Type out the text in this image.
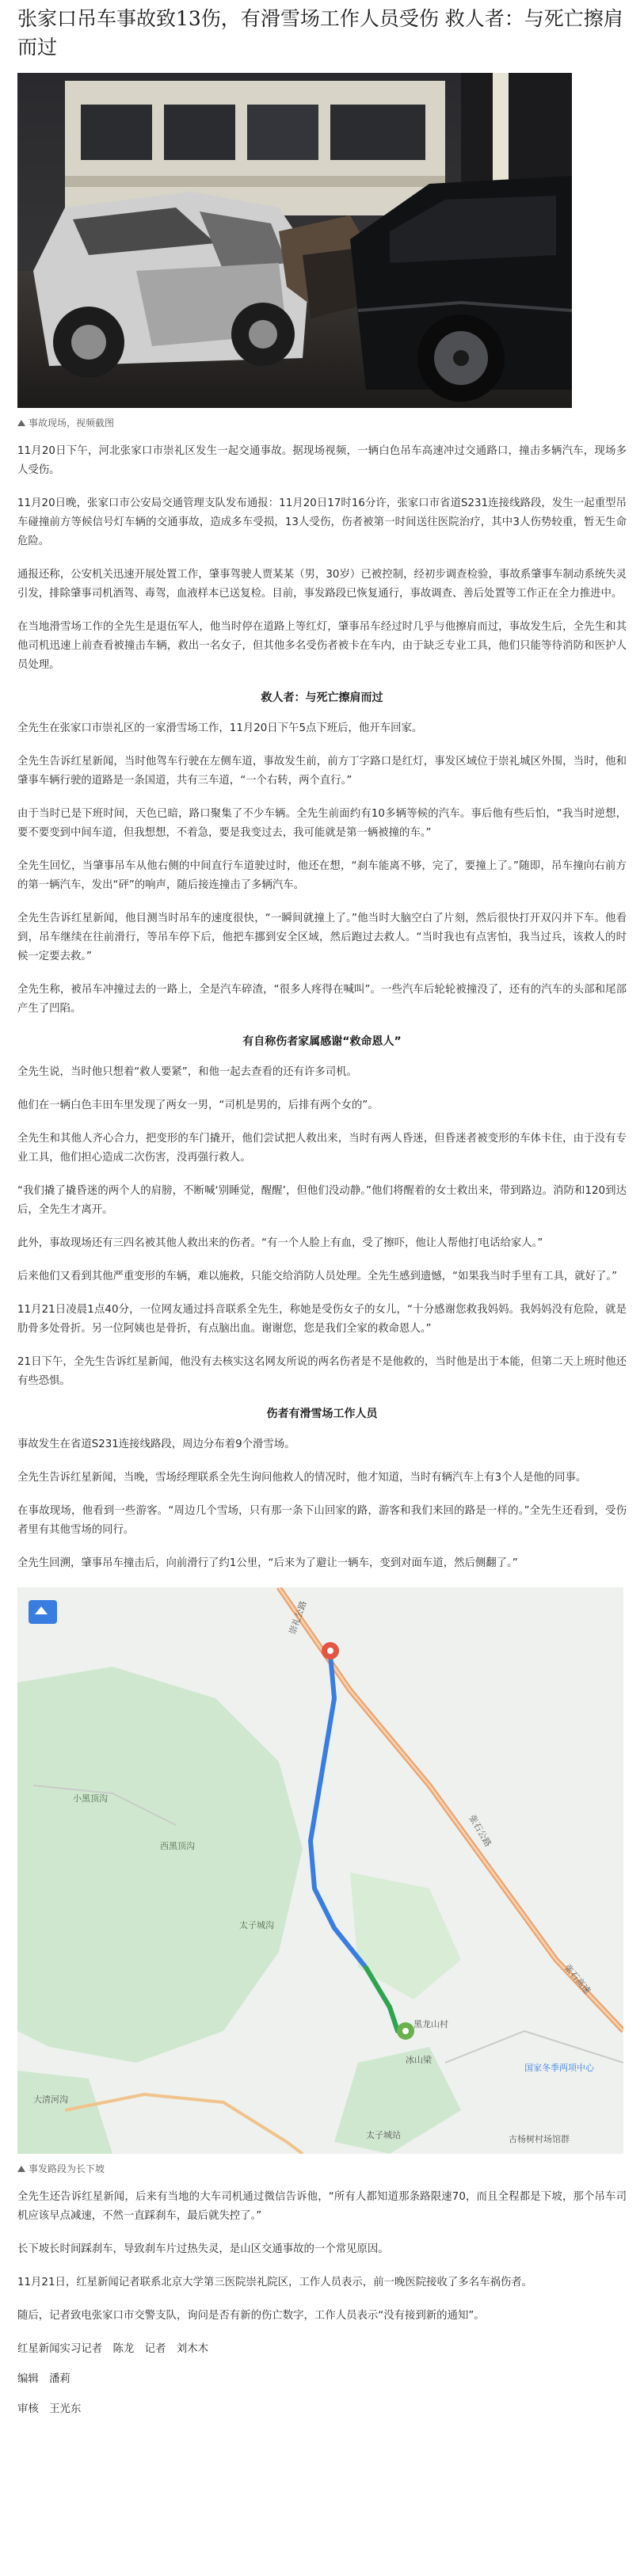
张家口吊车事故致13伤，有滑雪场工作人员受伤 救人者：与死亡擦肩而过
事故现场，视频截图

11月20日下午，河北张家口市崇礼区发生一起交通事故。据现场视频，一辆白色吊车高速冲过交通路口，撞击多辆汽车，现场多人受伤。

11月20日晚，张家口市公安局交通管理支队发布通报：11月20日17时16分许，张家口市省道S231连接线路段，发生一起重型吊车碰撞前方等候信号灯车辆的交通事故，造成多车受损，13人受伤，伤者被第一时间送往医院治疗，其中3人伤势较重，暂无生命危险。

通报还称，公安机关迅速开展处置工作，肇事驾驶人贾某某（男，30岁）已被控制，经初步调查检验，事故系肇事车制动系统失灵引发，排除肇事司机酒驾、毒驾，血液样本已送复检。目前，事发路段已恢复通行，事故调查、善后处置等工作正在全力推进中。

在当地滑雪场工作的全先生是退伍军人，他当时停在道路上等红灯，肇事吊车经过时几乎与他擦肩而过，事故发生后，全先生和其他司机迅速上前查看被撞击车辆，救出一名女子，但其他多名受伤者被卡在车内，由于缺乏专业工具，他们只能等待消防和医护人员处理。

救人者：与死亡擦肩而过

全先生在张家口市崇礼区的一家滑雪场工作，11月20日下午5点下班后，他开车回家。

全先生告诉红星新闻，当时他驾车行驶在左侧车道，事故发生前，前方丁字路口是红灯，事发区域位于崇礼城区外围，当时，他和肇事车辆行驶的道路是一条国道，共有三车道，“一个右转，两个直行。”

由于当时已是下班时间，天色已暗，路口聚集了不少车辆。全先生前面约有10多辆等候的汽车。事后他有些后怕，“我当时逆想，要不要变到中间车道，但我想想，不着急，要是我变过去，我可能就是第一辆被撞的车。”

全先生回忆，当肇事吊车从他右侧的中间直行车道驶过时，他还在想，“刹车能离不够，完了，要撞上了。”随即，吊车撞向右前方的第一辆汽车，发出“砰”的响声，随后接连撞击了多辆汽车。

全先生告诉红星新闻，他目测当时吊车的速度很快，“一瞬间就撞上了。”他当时大脑空白了片刻，然后很快打开双闪并下车。他看到，吊车继续在往前滑行，等吊车停下后，他把车挪到安全区域，然后跑过去救人。“当时我也有点害怕，我当过兵，该救人的时候一定要去救。”

全先生称，被吊车冲撞过去的一路上，全是汽车碎渣，“很多人疼得在喊叫”。一些汽车后轮轮被撞没了，还有的汽车的头部和尾部产生了凹陷。

有自称伤者家属感谢“救命恩人”

全先生说，当时他只想着“救人要紧”，和他一起去查看的还有许多司机。

他们在一辆白色丰田车里发现了两女一男，“司机是男的，后排有两个女的”。

全先生和其他人齐心合力，把变形的车门撬开，他们尝试把人救出来，当时有两人昏迷，但昏迷者被变形的车体卡住，由于没有专业工具，他们担心造成二次伤害，没再强行救人。

“我们撬了撬昏迷的两个人的肩膀，不断喊‘别睡觉，醒醒’，但他们没动静。”他们将醒着的女士救出来，带到路边。消防和120到达后，全先生才离开。

此外，事故现场还有三四名被其他人救出来的伤者。“有一个人脸上有血，受了擦吓，他让人帮他打电话给家人。”

后来他们又看到其他严重变形的车辆，难以施救，只能交给消防人员处理。全先生感到遗憾，“如果我当时手里有工具，就好了。”

11月21日凌晨1点40分，一位网友通过抖音联系全先生，称她是受伤女子的女儿，“十分感谢您救我妈妈。我妈妈没有危险，就是肋骨多处骨折。另一位阿姨也是骨折，有点脑出血。谢谢您，您是我们全家的救命恩人。”

21日下午，全先生告诉红星新闻，他没有去核实这名网友所说的两名伤者是不是他救的，当时他是出于本能，但第二天上班时他还有些恐惧。

伤者有滑雪场工作人员

事故发生在省道S231连接线路段，周边分布着9个滑雪场。

全先生告诉红星新闻，当晚，雪场经理联系全先生询问他救人的情况时，他才知道，当时有辆汽车上有3个人是他的同事。

在事故现场，他看到一些游客。“周边几个雪场，只有那一条下山回家的路，游客和我们来回的路是一样的。”全先生还看到，受伤者里有其他雪场的同行。

全先生回溯，肇事吊车撞击后，向前滑行了约1公里，“后来为了避让一辆车，变到对面车道，然后侧翻了。”

崇礼公路
张石公路
张石高速
小黑顶沟
西黑顶沟
太子城沟
黑龙山村
冰山梁
国家冬季两项中心
大清河沟
太子城站	古杨树村场馆群
事发路段为长下坡

全先生还告诉红星新闻，后来有当地的大车司机通过微信告诉他，“所有人都知道那条路限速70，而且全程都是下坡，那个吊车司机应该早点减速，不然一直踩刹车，最后就失控了。”

长下坡长时间踩刹车，导致刹车片过热失灵，是山区交通事故的一个常见原因。

11月21日，红星新闻记者联系北京大学第三医院崇礼院区，工作人员表示，前一晚医院接收了多名车祸伤者。

随后，记者致电张家口市交警支队，询问是否有新的伤亡数字，工作人员表示“没有接到新的通知”。

红星新闻实习记者　陈龙　记者　刘木木

编辑　潘莉

审核　王光东
